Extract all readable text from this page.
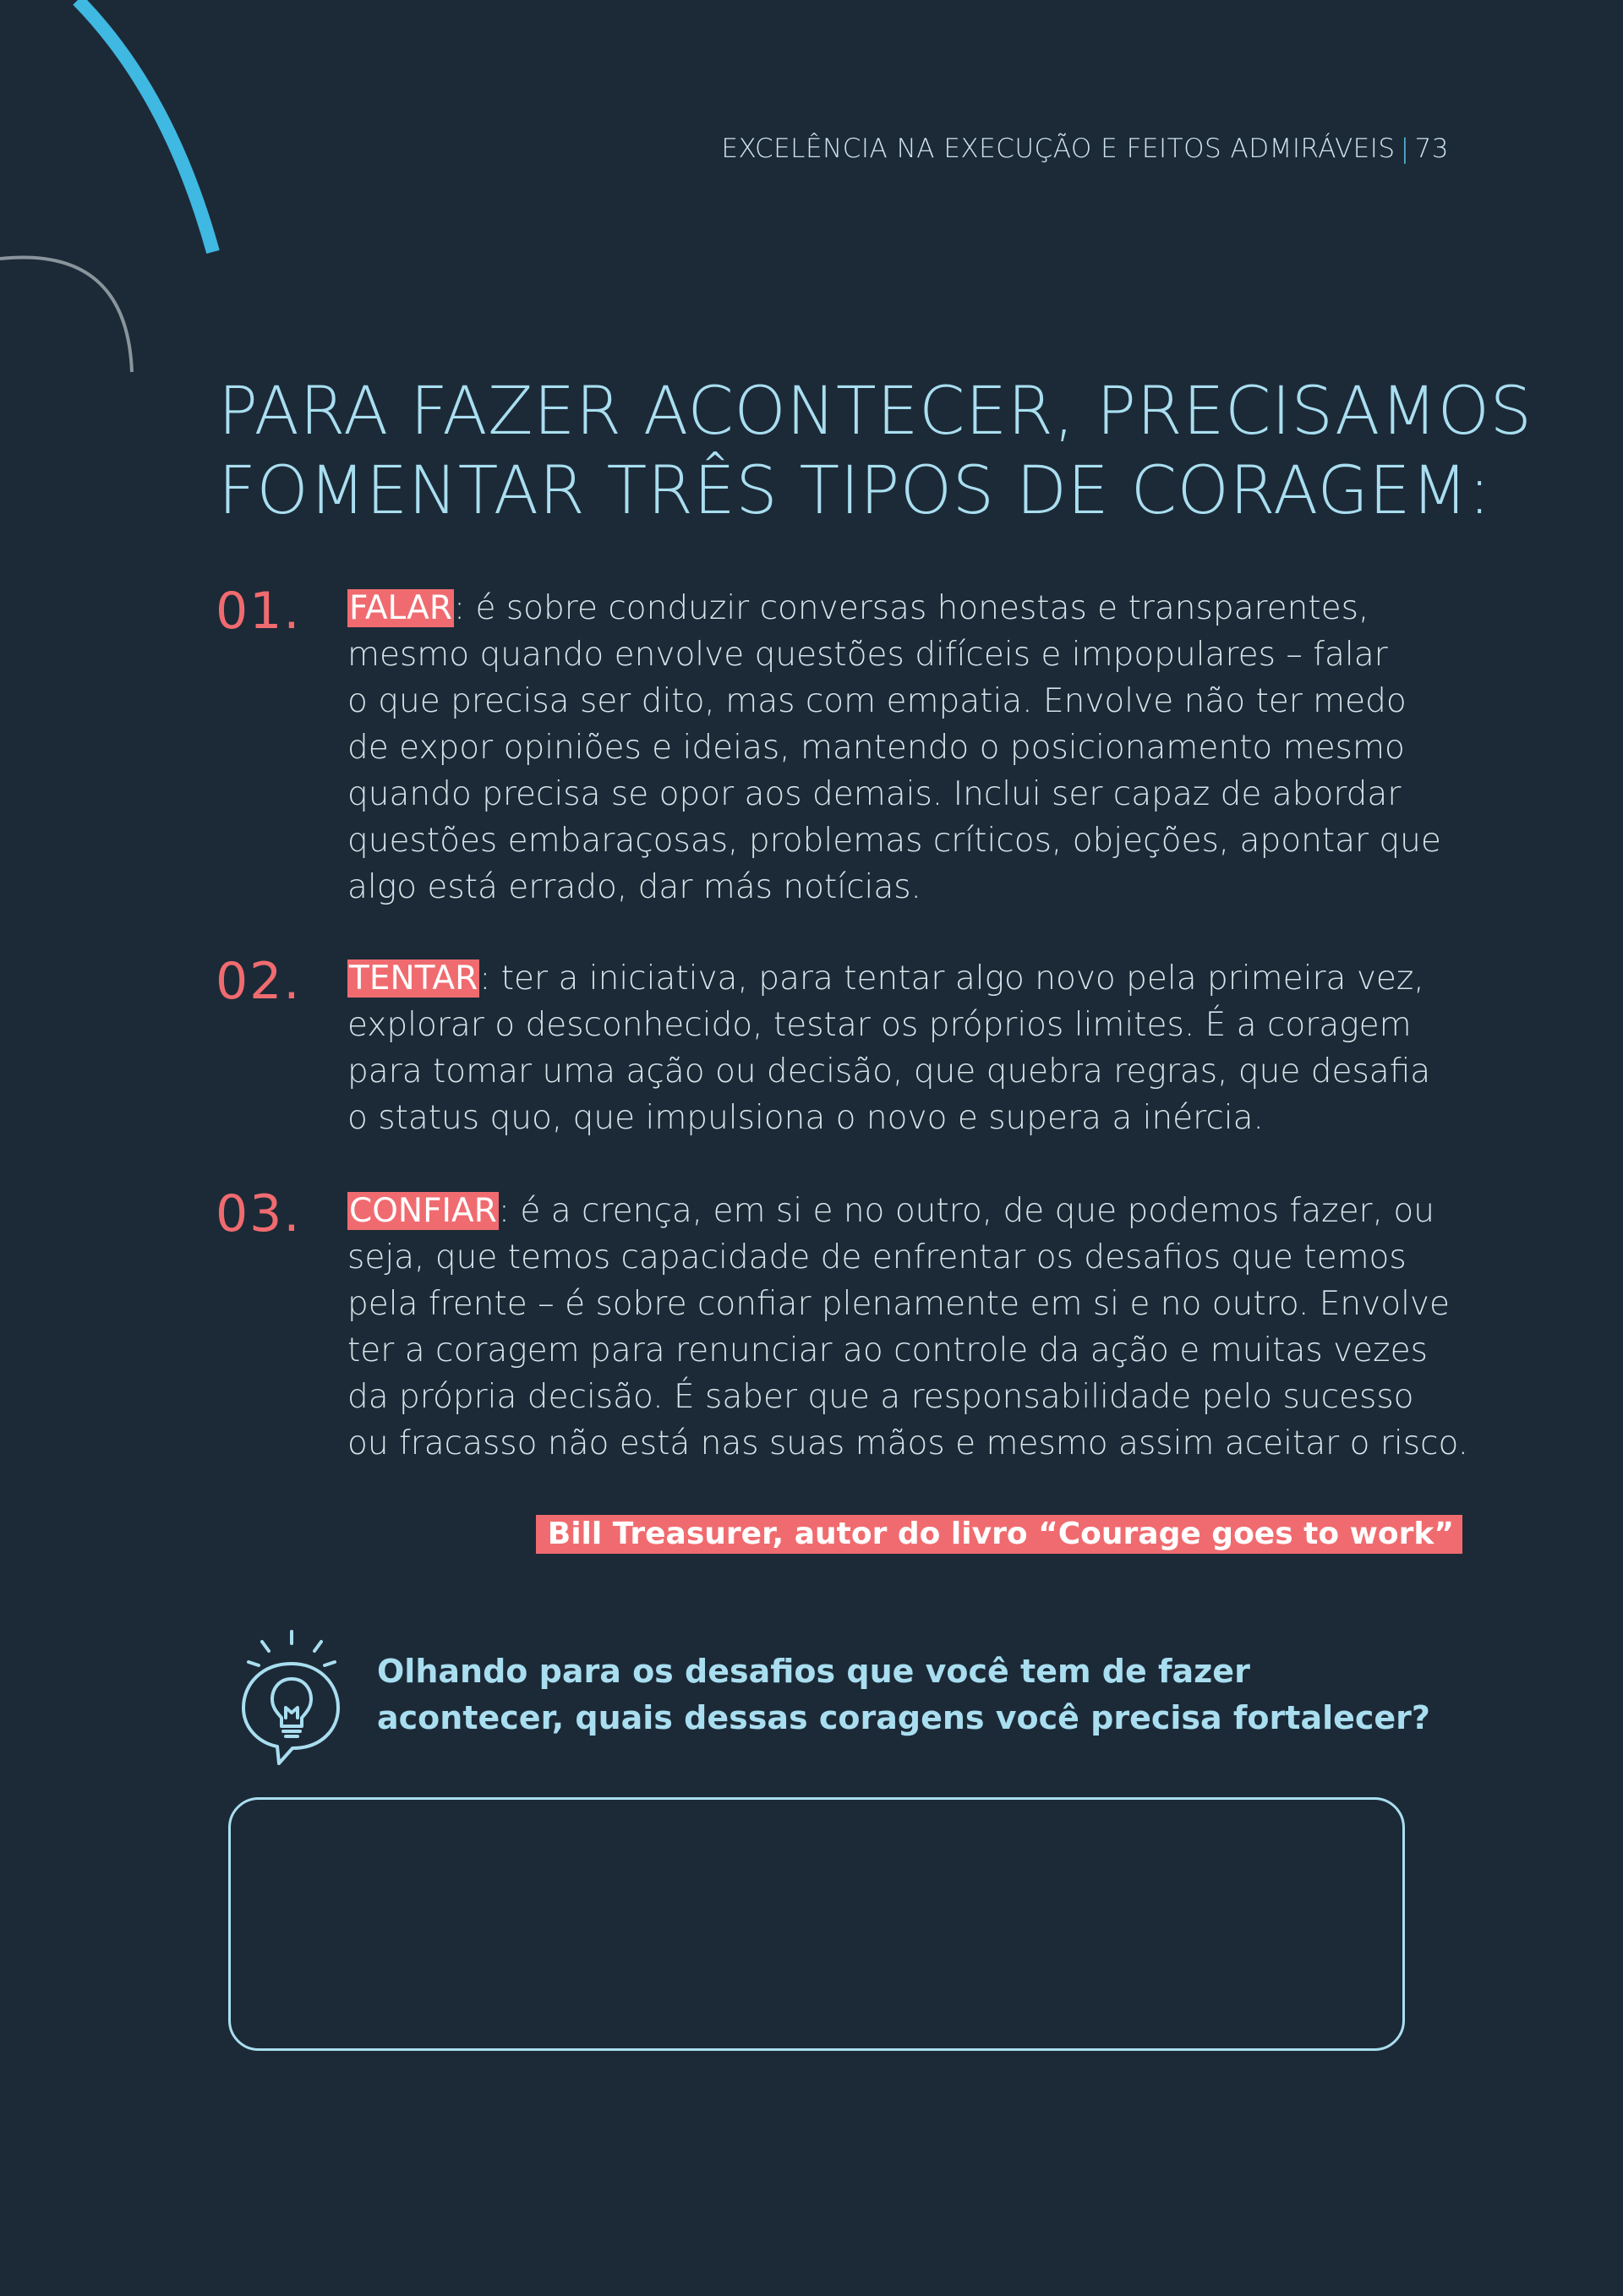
EXCELÊNCIA NA EXECUÇÃO E FEITOS ADMIRÁVEIS | 73
PARA FAZER ACONTECER, PRECISAMOS
FOMENTAR TRÊS TIPOS DE CORAGEM:
01. FALAR: é sobre conduzir conversas honestas e transparentes,
mesmo quando envolve questões difíceis e impopulares – falar
o que precisa ser dito, mas com empatia. Envolve não ter medo
de expor opiniões e ideias, mantendo o posicionamento mesmo
quando precisa se opor aos demais. Inclui ser capaz de abordar
questões embaraçosas, problemas críticos, objeções, apontar que
algo está errado, dar más notícias.
02. TENTAR: ter a iniciativa, para tentar algo novo pela primeira vez,
explorar o desconhecido, testar os próprios limites. É a coragem
para tomar uma ação ou decisão, que quebra regras, que desafia
o status quo, que impulsiona o novo e supera a inércia.
03. CONFIAR: é a crença, em si e no outro, de que podemos fazer, ou
seja, que temos capacidade de enfrentar os desafios que temos
pela frente – é sobre confiar plenamente em si e no outro. Envolve
ter a coragem para renunciar ao controle da ação e muitas vezes
da própria decisão. É saber que a responsabilidade pelo sucesso
ou fracasso não está nas suas mãos e mesmo assim aceitar o risco.
Bill Treasurer, autor do livro “Courage goes to work”
Olhando para os desafios que você tem de fazer
acontecer, quais dessas coragens você precisa fortalecer?
